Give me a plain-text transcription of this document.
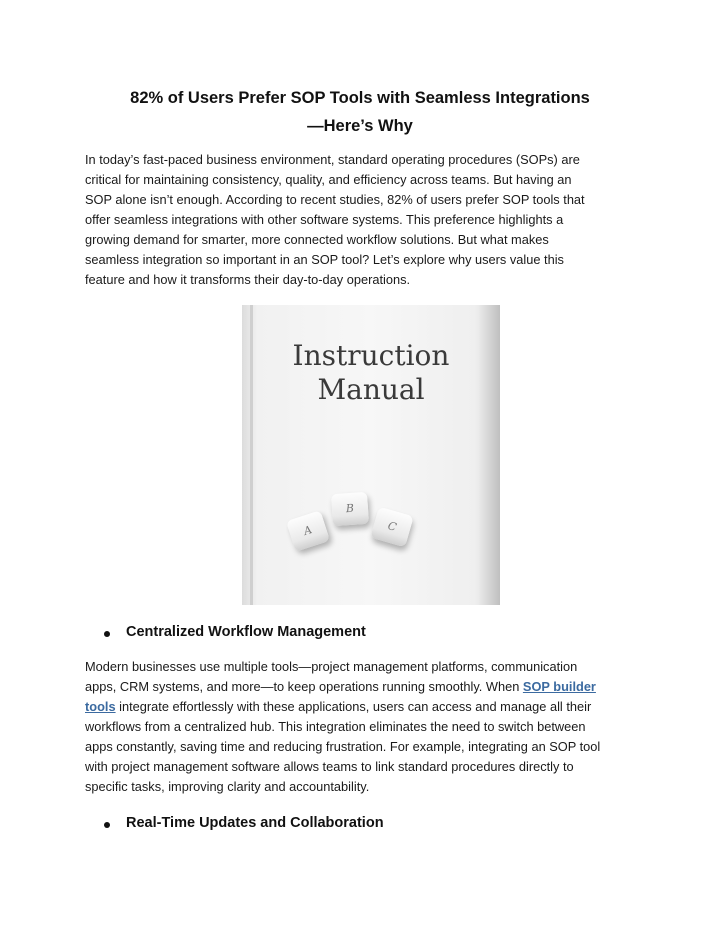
82% of Users Prefer SOP Tools with Seamless Integrations
—Here’s Why
In today’s fast-paced business environment, standard operating procedures (SOPs) are
critical for maintaining consistency, quality, and efficiency across teams. But having an
SOP alone isn’t enough. According to recent studies, 82% of users prefer SOP tools that
offer seamless integrations with other software systems. This preference highlights a
growing demand for smarter, more connected workflow solutions. But what makes
seamless integration so important in an SOP tool? Let’s explore why users value this
feature and how it transforms their day-to-day operations.
Instruction
Manual
A
B
C
Centralized Workflow Management
Modern businesses use multiple tools—project management platforms, communication
apps, CRM systems, and more—to keep operations running smoothly. When SOP builder
tools integrate effortlessly with these applications, users can access and manage all their
workflows from a centralized hub. This integration eliminates the need to switch between
apps constantly, saving time and reducing frustration. For example, integrating an SOP tool
with project management software allows teams to link standard procedures directly to
specific tasks, improving clarity and accountability.
Real-Time Updates and Collaboration
